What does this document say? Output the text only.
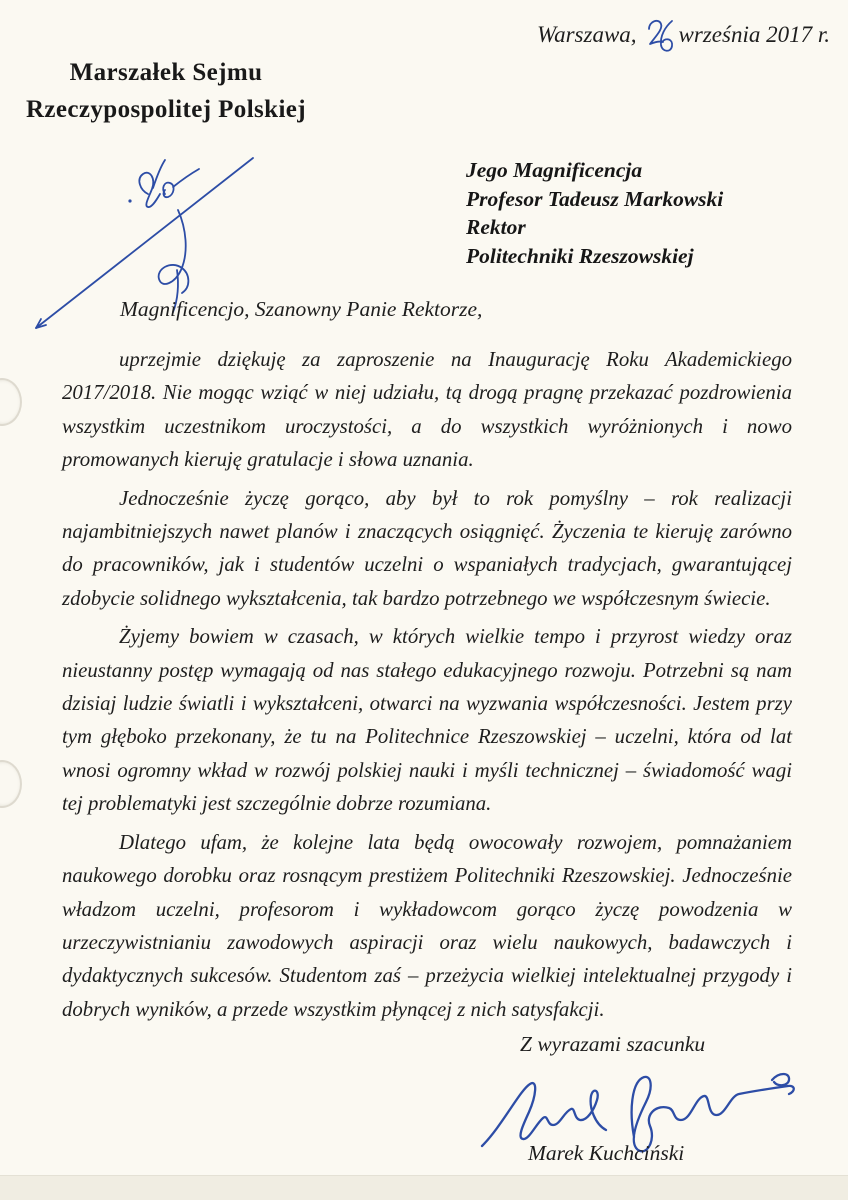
Warszawa, września 2017 r.
Marszałek Sejmu
Rzeczypospolitej Polskiej
Jego Magnificencja
Profesor Tadeusz Markowski
Rektor
Politechniki Rzeszowskiej
Magnificencjo, Szanowny Panie Rektorze,

uprzejmie dziękuję za zaproszenie na Inaugurację Roku Akademickiego 2017/2018. Nie mogąc wziąć w niej udziału, tą drogą pragnę przekazać pozdrowienia wszystkim uczestnikom uroczystości, a do wszystkich wyróżnionych i nowo promowanych kieruję gratulacje i słowa uznania.

Jednocześnie życzę gorąco, aby był to rok pomyślny – rok realizacji najambitniejszych nawet planów i znaczących osiągnięć. Życzenia te kieruję zarówno do pracowników, jak i studentów uczelni o wspaniałych tradycjach, gwarantującej zdobycie solidnego wykształcenia, tak bardzo potrzebnego we współczesnym świecie.

Żyjemy bowiem w czasach, w których wielkie tempo i przyrost wiedzy oraz nieustanny postęp wymagają od nas stałego edukacyjnego rozwoju. Potrzebni są nam dzisiaj ludzie światli i wykształceni, otwarci na wyzwania współczesności. Jestem przy tym głęboko przekonany, że tu na Politechnice Rzeszowskiej – uczelni, która od lat wnosi ogromny wkład w rozwój polskiej nauki i myśli technicznej – świadomość wagi tej problematyki jest szczególnie dobrze rozumiana.

Dlatego ufam, że kolejne lata będą owocowały rozwojem, pomnażaniem naukowego dorobku oraz rosnącym prestiżem Politechniki Rzeszowskiej. Jednocześnie władzom uczelni, profesorom i wykładowcom gorąco życzę powodzenia w urzeczywistnianiu zawodowych aspiracji oraz wielu naukowych, badawczych i dydaktycznych sukcesów. Studentom zaś – przeżycia wielkiej intelektualnej przygody i dobrych wyników, a przede wszystkim płynącej z nich satysfakcji.

Z wyrazami szacunku
Marek Kuchciński
